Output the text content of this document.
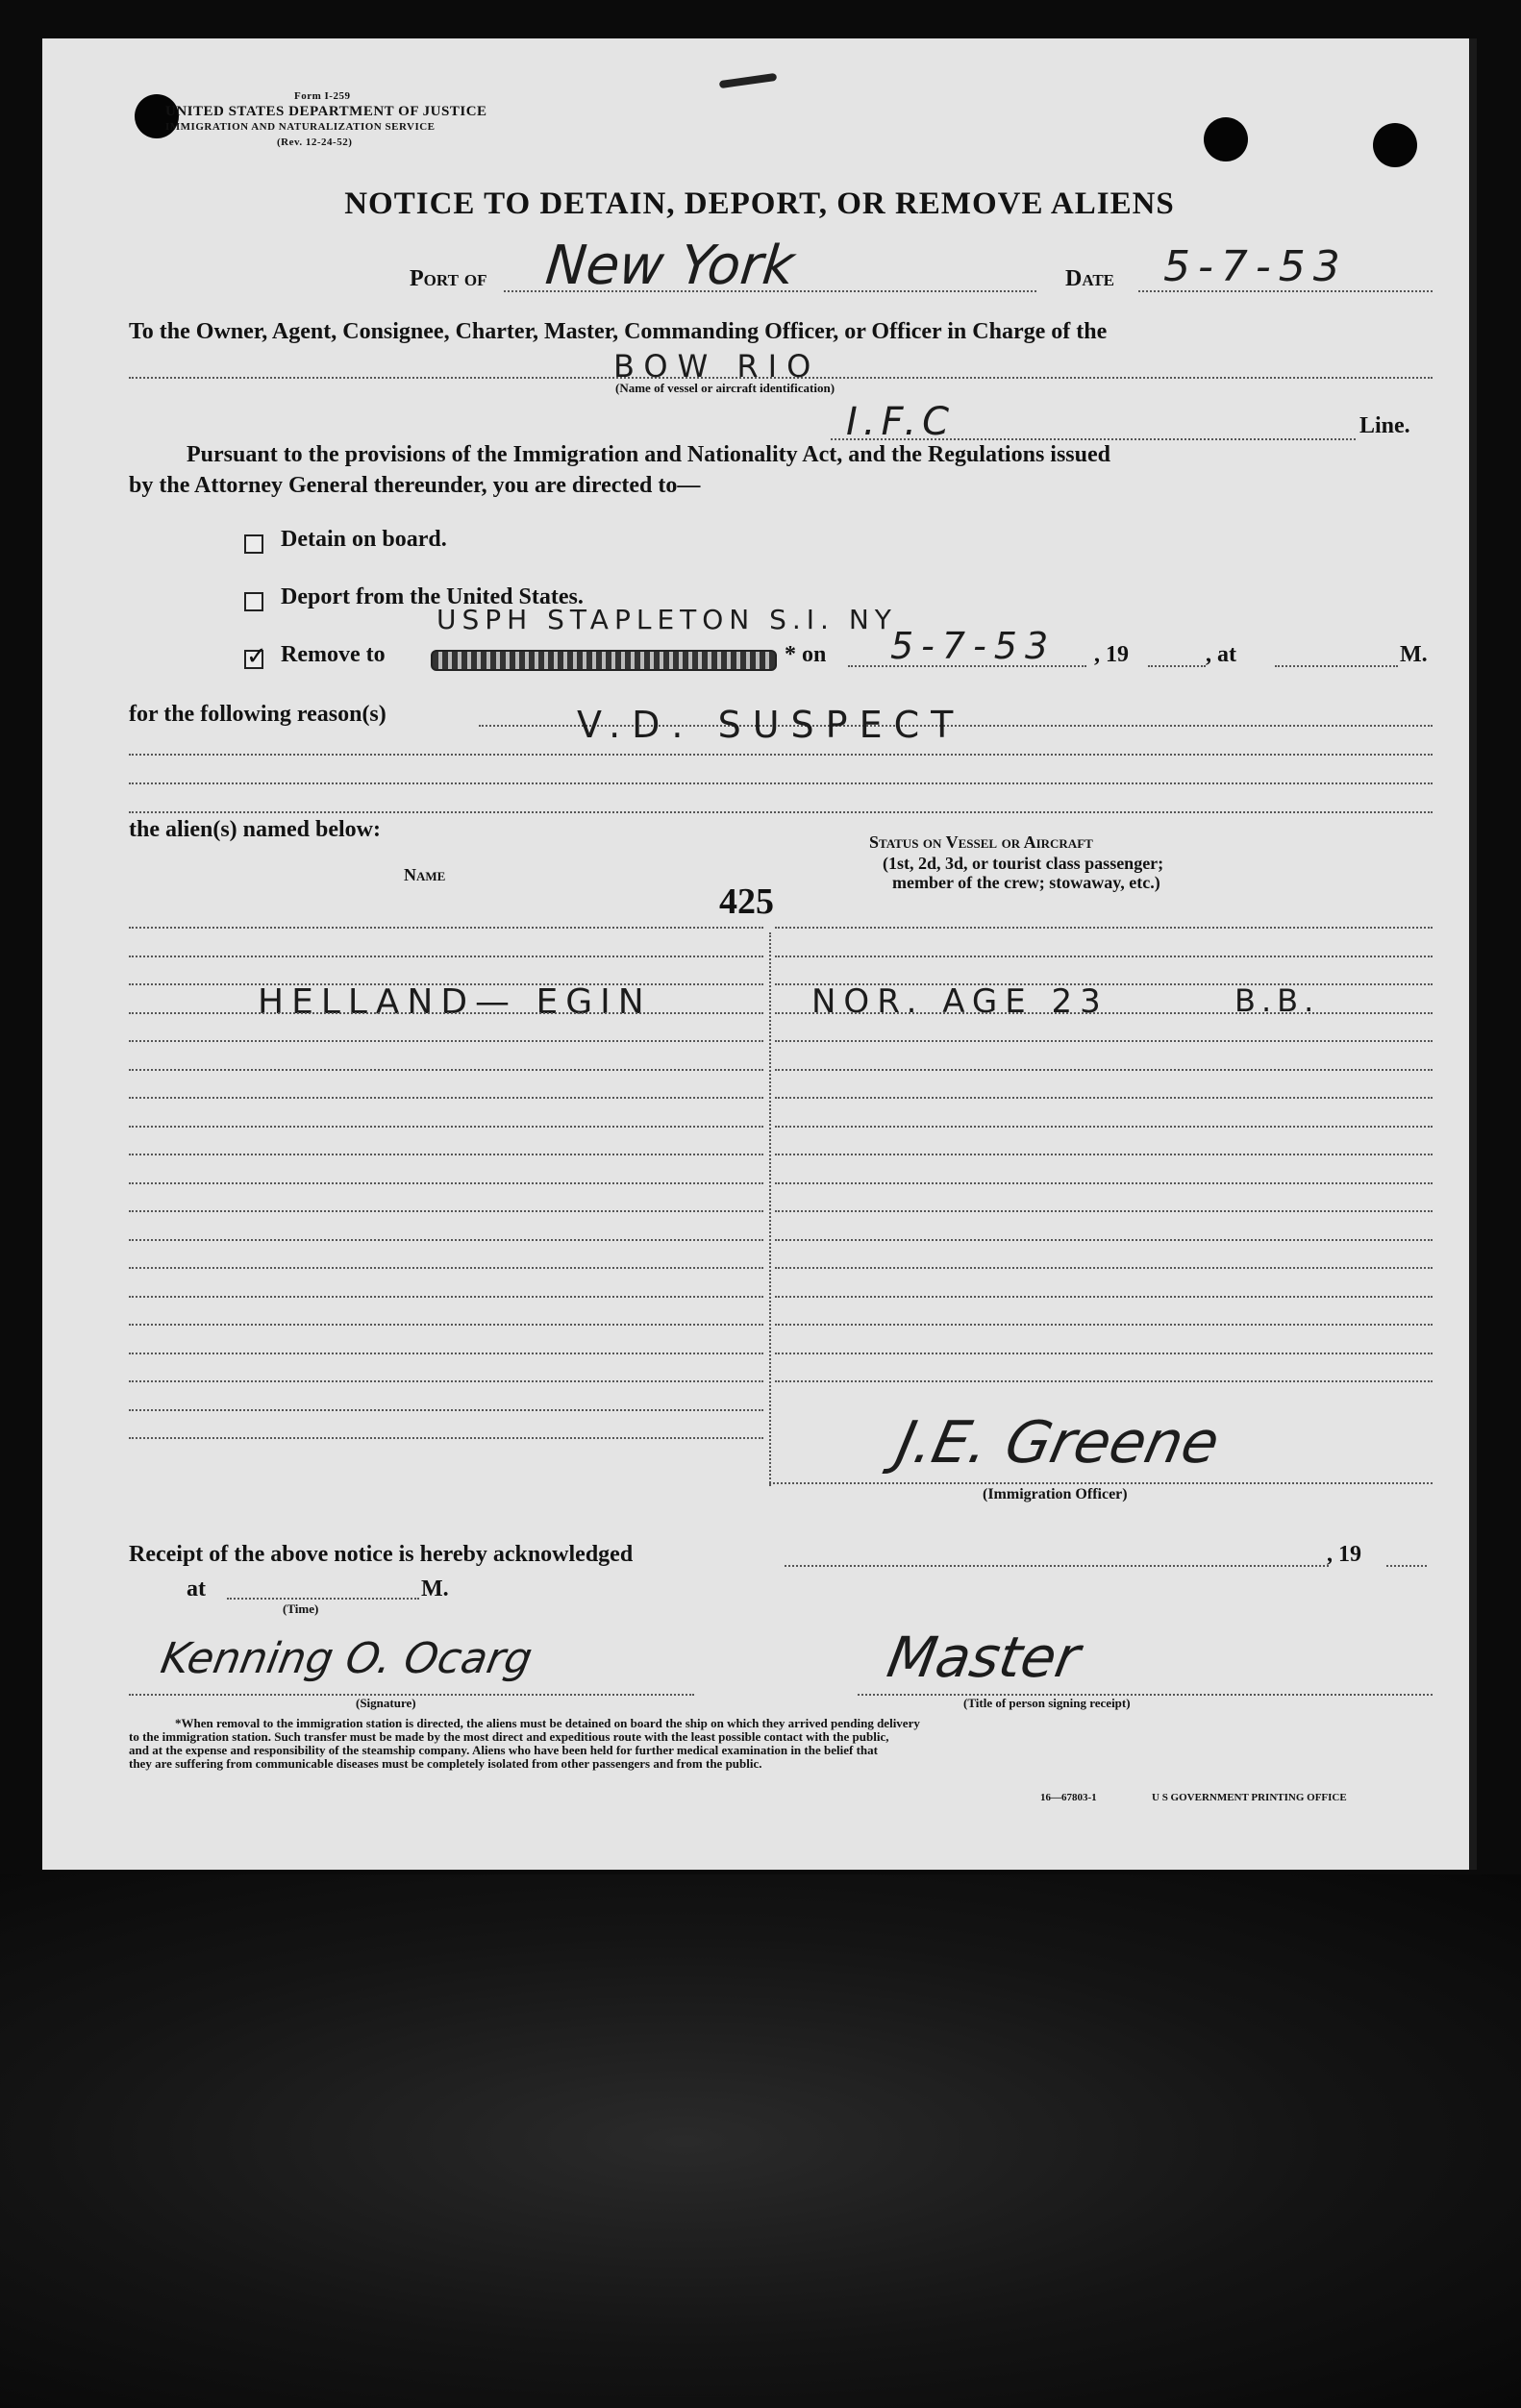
Form I-259
UNITED STATES DEPARTMENT OF JUSTICE
IMMIGRATION AND NATURALIZATION SERVICE
(Rev. 12-24-52)
NOTICE TO DETAIN, DEPORT, OR REMOVE ALIENS
Port of New York	Date 5-7-53
To the Owner, Agent, Consignee, Charter, Master, Commanding Officer, or Officer in Charge of the
BOW RIO
(Name of vessel or aircraft identification)
I.F.C	Line.
Pursuant to the provisions of the Immigration and Nationality Act, and the Regulations issued
by the Attorney General thereunder, you are directed to—
Detain on board.
Deport from the United States.
✓ Remove to
USPH STAPLETON S.I. NY
* on 5-7-53 , 19	, at	M.
for the following reason(s)	V.D. SUSPECT
the alien(s) named below:
Name
Status on Vessel or Aircraft
(1st, 2d, 3d, or tourist class passenger;
member of the crew; stowaway, etc.)
425
HELLAND— EGIN	NOR. AGE 23	B.B.
J.E. Greene
(Immigration Officer)
Receipt of the above notice is hereby acknowledged	, 19
at	M.
(Time)
Kenning O. Ocarg
(Signature)
Master
(Title of person signing receipt)
*When removal to the immigration station is directed, the aliens must be detained on board the ship on which they arrived pending delivery
to the immigration station. Such transfer must be made by the most direct and expeditious route with the least possible contact with the public,
and at the expense and responsibility of the steamship company. Aliens who have been held for further medical examination in the belief that
they are suffering from communicable diseases must be completely isolated from other passengers and from the public.
16—67803-1	U S GOVERNMENT PRINTING OFFICE
